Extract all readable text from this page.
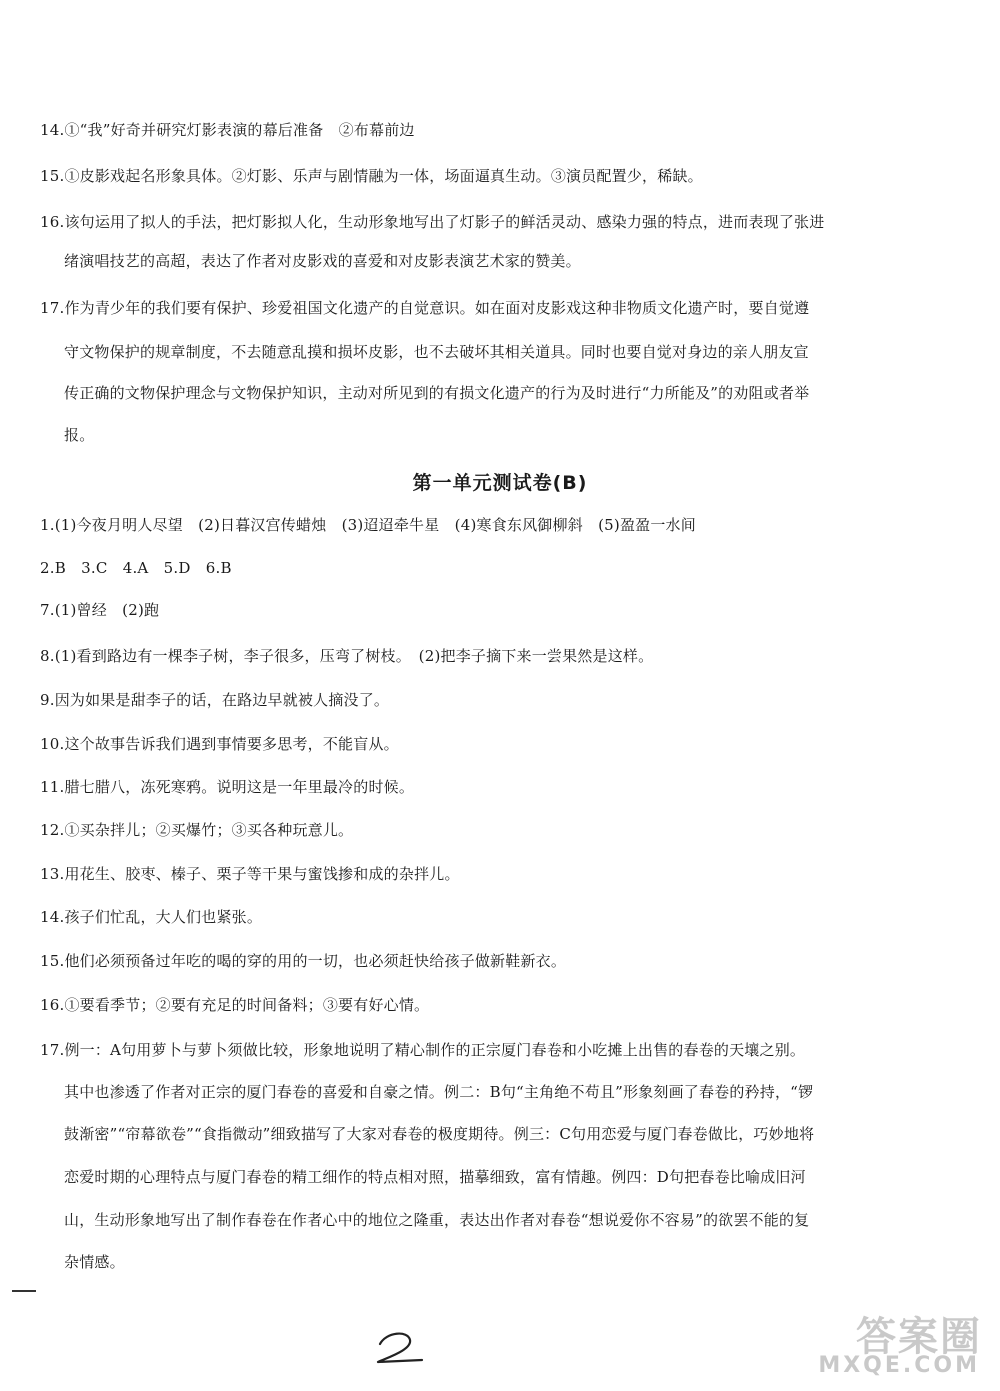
14.①“我”好奇并研究灯影表演的幕后准备　②布幕前边
15.①皮影戏起名形象具体。②灯影、乐声与剧情融为一体，场面逼真生动。③演员配置少，稀缺。
16.该句运用了拟人的手法，把灯影拟人化，生动形象地写出了灯影子的鲜活灵动、感染力强的特点，进而表现了张进
绪演唱技艺的高超，表达了作者对皮影戏的喜爱和对皮影表演艺术家的赞美。
17.作为青少年的我们要有保护、珍爱祖国文化遗产的自觉意识。如在面对皮影戏这种非物质文化遗产时，要自觉遵
守文物保护的规章制度，不去随意乱摸和损坏皮影，也不去破坏其相关道具。同时也要自觉对身边的亲人朋友宣
传正确的文物保护理念与文物保护知识，主动对所见到的有损文化遗产的行为及时进行“力所能及”的劝阻或者举
报。
第一单元测试卷(B)
1.(1)今夜月明人尽望　(2)日暮汉宫传蜡烛　(3)迢迢牵牛星　(4)寒食东风御柳斜　(5)盈盈一水间
2.B　3.C　4.A　5.D　6.B
7.(1)曾经　(2)跑
8.(1)看到路边有一棵李子树，李子很多，压弯了树枝。　(2)把李子摘下来一尝果然是这样。
9.因为如果是甜李子的话，在路边早就被人摘没了。
10.这个故事告诉我们遇到事情要多思考，不能盲从。
11.腊七腊八，冻死寒鸦。说明这是一年里最冷的时候。
12.①买杂拌儿；②买爆竹；③买各种玩意儿。
13.用花生、胶枣、榛子、栗子等干果与蜜饯掺和成的杂拌儿。
14.孩子们忙乱，大人们也紧张。
15.他们必须预备过年吃的喝的穿的用的一切，也必须赶快给孩子做新鞋新衣。
16.①要看季节；②要有充足的时间备料；③要有好心情。
17.例一：A句用萝卜与萝卜须做比较，形象地说明了精心制作的正宗厦门春卷和小吃摊上出售的春卷的天壤之别。
其中也渗透了作者对正宗的厦门春卷的喜爱和自豪之情。例二：B句“主角绝不苟且”形象刻画了春卷的矜持，“锣
鼓渐密”“帘幕欲卷”“食指微动”细致描写了大家对春卷的极度期待。例三：C句用恋爱与厦门春卷做比，巧妙地将
恋爱时期的心理特点与厦门春卷的精工细作的特点相对照，描摹细致，富有情趣。例四：D句把春卷比喻成旧河
山，生动形象地写出了制作春卷在作者心中的地位之隆重，表达出作者对春卷“想说爱你不容易”的欲罢不能的复
杂情感。
答案圈
MXQE.COM
